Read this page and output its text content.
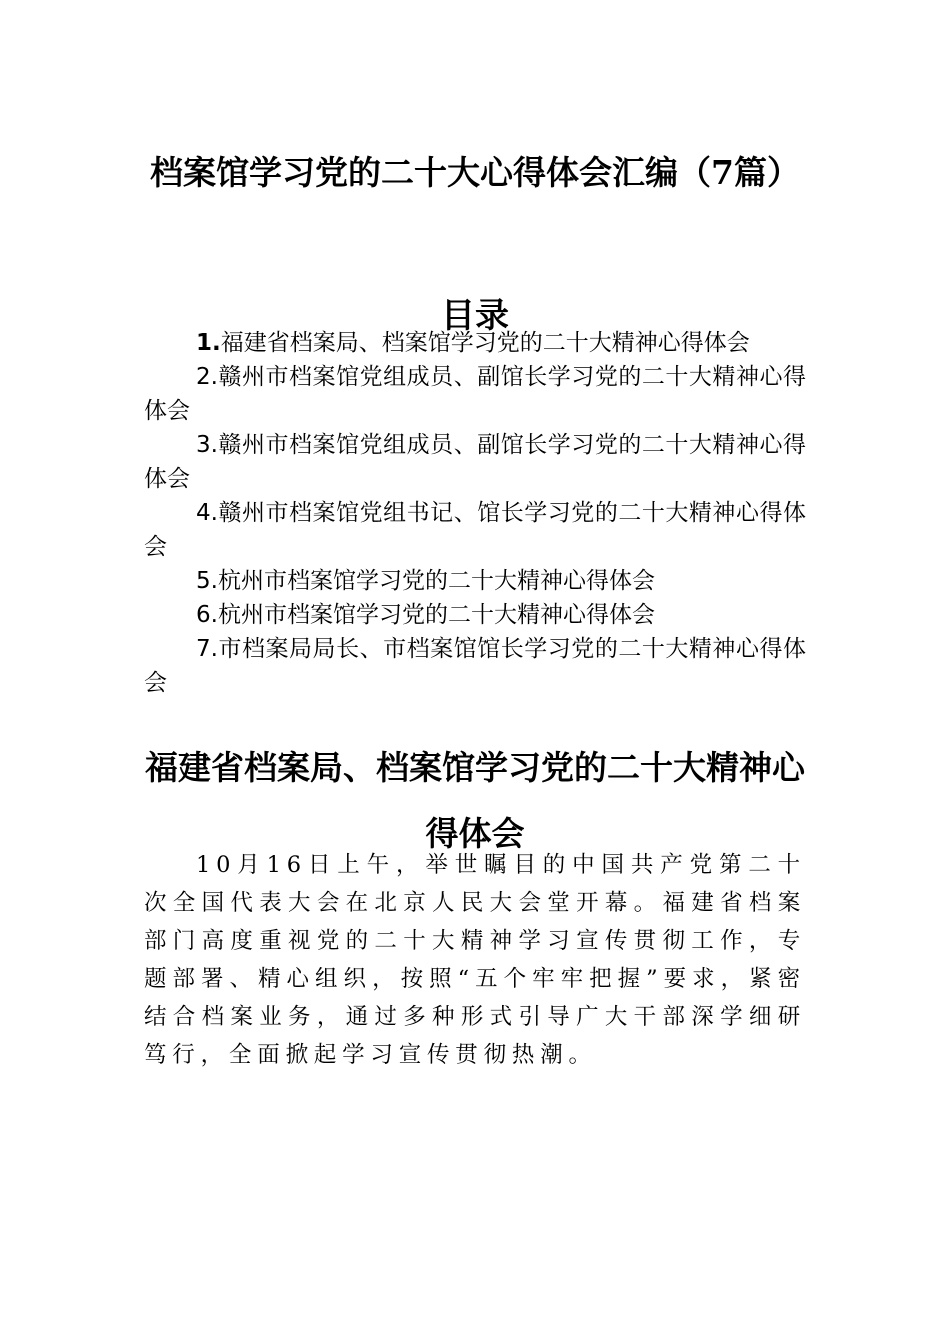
档案馆学习党的二十大心得体会汇编（7篇）
目录
1.福建省档案局、档案馆学习党的二十大精神心得体会
2.赣州市档案馆党组成员、副馆长学习党的二十大精神心得体会
3.赣州市档案馆党组成员、副馆长学习党的二十大精神心得体会
4.赣州市档案馆党组书记、馆长学习党的二十大精神心得体会
5.杭州市档案馆学习党的二十大精神心得体会
6.杭州市档案馆学习党的二十大精神心得体会
7.市档案局局长、市档案馆馆长学习党的二十大精神心得体会
福建省档案局、档案馆学习党的二十大精神心得体会

10月16日上午，举世瞩目的中国共产党第二十次全国代表大会在北京人民大会堂开幕。福建省档案部门高度重视党的二十大精神学习宣传贯彻工作，专题部署、精心组织，按照“五个牢牢把握”要求，紧密结合档案业务，通过多种形式引导广大干部深学细研笃行，全面掀起学习宣传贯彻热潮。
